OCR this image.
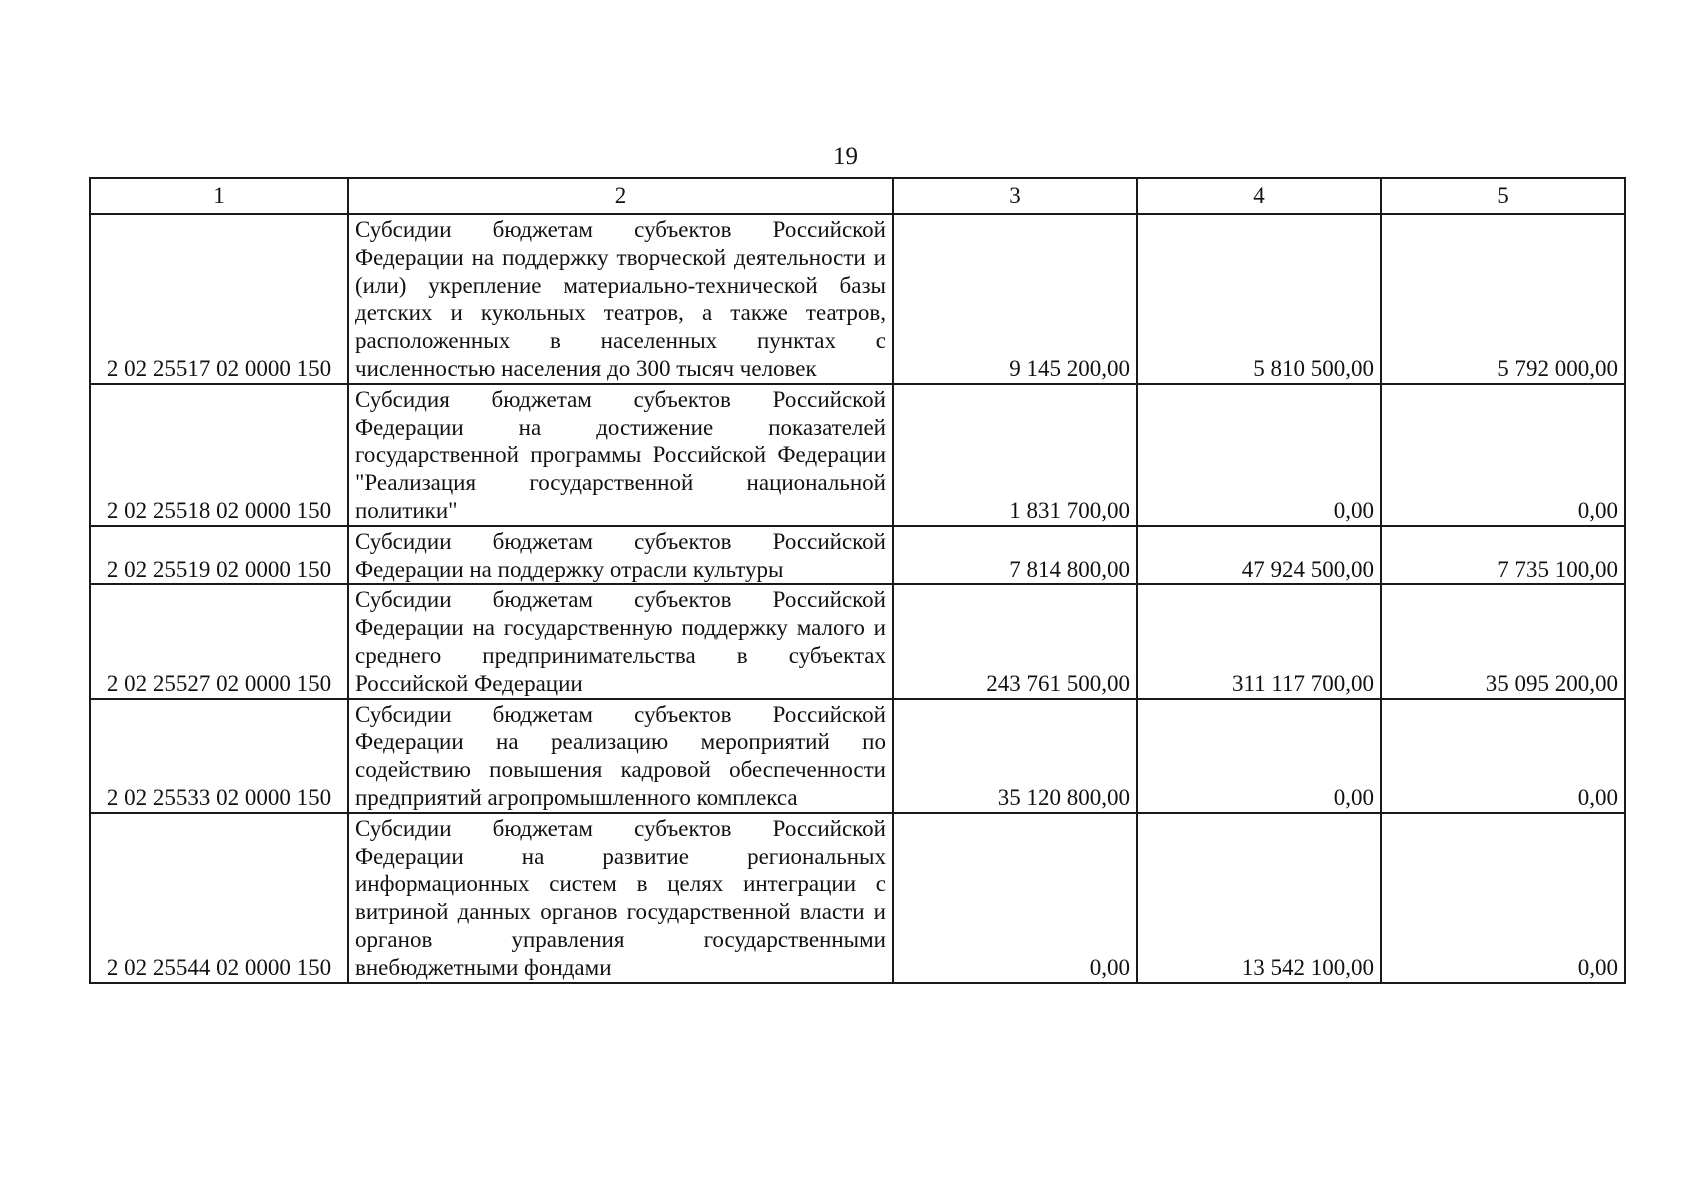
19
1	2	3	4	5
2 02 25517 02 0000 150	Субсидии бюджетам субъектов Российской Федерации на поддержку творческой деятельности и (или) укрепление материально-технической базы детских и кукольных театров, а также театров, расположенных в населенных пунктах с численностью населения до 300 тысяч человек	9 145 200,00	5 810 500,00	5 792 000,00
2 02 25518 02 0000 150	Субсидия бюджетам субъектов Российской Федерации на достижение показателей государственной программы Российской Федерации "Реализация государственной национальной политики"	1 831 700,00	0,00	0,00
2 02 25519 02 0000 150	Субсидии бюджетам субъектов Российской Федерации на поддержку отрасли культуры	7 814 800,00	47 924 500,00	7 735 100,00
2 02 25527 02 0000 150	Субсидии бюджетам субъектов Российской Федерации на государственную поддержку малого и среднего предпринимательства в субъектах Российской Федерации	243 761 500,00	311 117 700,00	35 095 200,00
2 02 25533 02 0000 150	Субсидии бюджетам субъектов Российской Федерации на реализацию мероприятий по содействию повышения кадровой обеспеченности предприятий агропромышленного комплекса	35 120 800,00	0,00	0,00
2 02 25544 02 0000 150	Субсидии бюджетам субъектов Российской Федерации на развитие региональных информационных систем в целях интеграции с витриной данных органов государственной власти и органов управления государственными внебюджетными фондами	0,00	13 542 100,00	0,00
